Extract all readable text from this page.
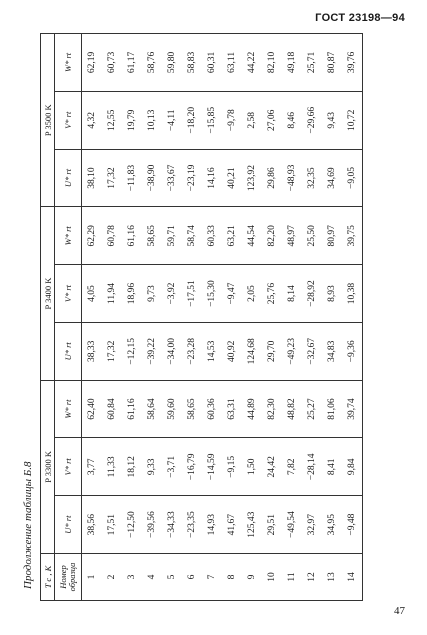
ГОСТ 23198—94
Продолжение таблицы Б.8 T c , K	P 3300 K			P 3400 K			P 3500 K		
Номер образца	U* rt	V* rt	W* rt	U* rt	V* rt	W* rt	U* rt	V* rt	W* rt
1	38,56	3,77	62,40	38,33	4,05	62,29	38,10	4,32	62,19
2	17,51	11,33	60,84	17,32	11,94	60,78	17,32	12,55	60,73
3	−12,50	18,12	61,16	−12,15	18,96	61,16	−11,83	19,79	61,17
4	−39,56	9,33	58,64	−39,22	9,73	58,65	−38,90	10,13	58,76
5	−34,33	−3,71	59,60	−34,00	−3,92	59,71	−33,67	−4,11	59,80
6	−23,35	−16,79	58,65	−23,28	−17,51	58,74	−23,19	−18,20	58,83
7	14,93	−14,59	60,36	14,53	−15,30	60,33	14,16	−15,85	60,31
8	41,67	−9,15	63,31	40,92	−9,47	63,21	40,21	−9,78	63,11
9	125,43	1,50	44,89	124,68	2,05	44,54	123,92	2,58	44,22
10	29,51	24,42	82,30	29,70	25,76	82,20	29,86	27,06	82,10
11	−49,54	7,82	48,82	−49,23	8,14	48,97	−48,93	8,46	49,18
12	32,97	−28,14	25,27	−32,67	−28,92	25,50	32,35	−29,66	25,71
13	34,95	8,41	81,06	34,83	8,93	80,97	34,69	9,43	80,87
14	−9,48	9,84	39,74	−9,36	10,38	39,75	−9,05	10,72	39,76
47
